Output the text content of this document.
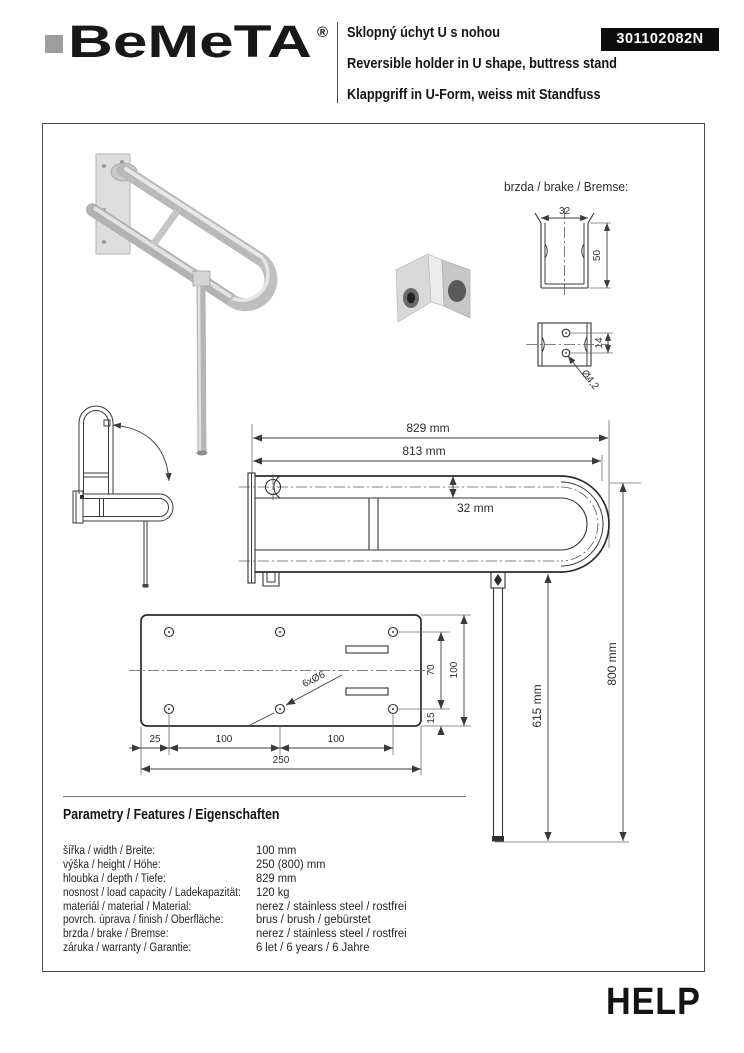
BeMeTA ® Sklopný úchyt U s nohou
Reversible holder in U shape, buttress stand
Klappgriff in U-Form, weiss mit Standfuss
301102082N
829 mm
813 mm
32 mm
615 mm
800 mm
6xØ6
25	100	100
250
70 100
15
brzda / brake / Bremse:
32
50
14
Ø4,2
Parametry / Features / Eigenschaften
šířka / width / Breite:	100 mm
výška / height / Höhe:	250 (800) mm
hloubka / depth / Tiefe:	829 mm
nosnost / load capacity / Ladekapazität:	120 kg
materiál / material / Material:	nerez / stainless steel / rostfrei
povrch. úprava / finish / Oberfläche:	brus / brush / gebürstet
brzda / brake / Bremse:	nerez / stainless steel / rostfrei
záruka / warranty / Garantie:	6 let / 6 years / 6 Jahre
HELP
